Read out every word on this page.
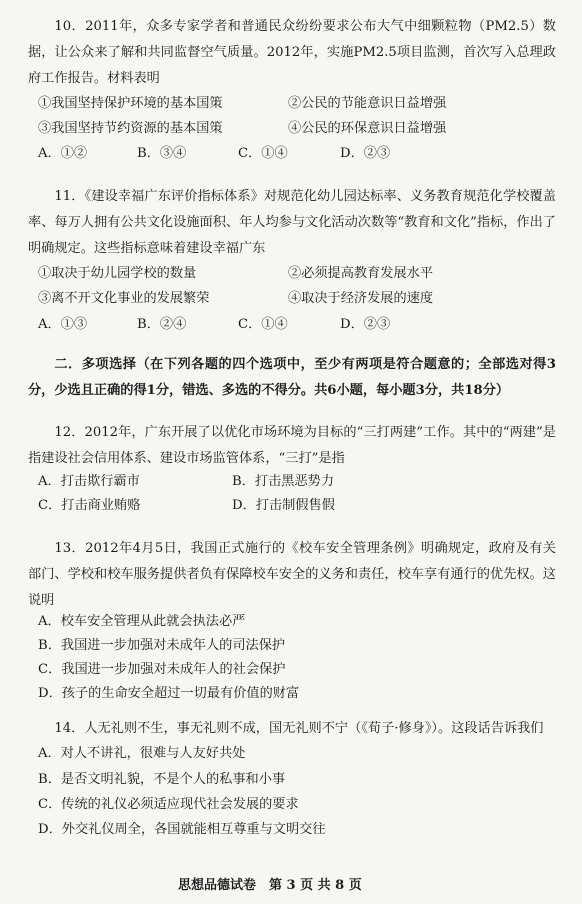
10．2011年，众多专家学者和普通民众纷纷要求公布大气中细颗粒物（PM2.5）数据，让公众来了解和共同监督空气质量。2012年，实施PM2.5项目监测，首次写入总理政府工作报告。材料表明
①我国坚持保护环境的基本国策	②公民的节能意识日益增强
③我国坚持节约资源的基本国策	④公民的环保意识日益增强
A．①②	B．③④	C．①④	D．②③
11．《建设幸福广东评价指标体系》对规范化幼儿园达标率、义务教育规范化学校覆盖率、每万人拥有公共文化设施面积、年人均参与文化活动次数等“教育和文化”指标，作出了明确规定。这些指标意味着建设幸福广东
①取决于幼儿园学校的数量	②必须提高教育发展水平
③离不开文化事业的发展繁荣	④取决于经济发展的速度
A．①③	B．②④	C．①④	D．②③
二．多项选择（在下列各题的四个选项中，至少有两项是符合题意的；全部选对得3分，少选且正确的得1分，错选、多选的不得分。共6小题，每小题3分，共18分）
12．2012年，广东开展了以优化市场环境为目标的“三打两建”工作。其中的“两建”是指建设社会信用体系、建设市场监管体系，“三打”是指
A．打击欺行霸市	B．打击黑恶势力
C．打击商业贿赂	D．打击制假售假
13．2012年4月5日，我国正式施行的《校车安全管理条例》明确规定，政府及有关部门、学校和校车服务提供者负有保障校车安全的义务和责任，校车享有通行的优先权。这说明
A．校车安全管理从此就会执法必严
B．我国进一步加强对未成年人的司法保护
C．我国进一步加强对未成年人的社会保护
D．孩子的生命安全超过一切最有价值的财富
14．人无礼则不生，事无礼则不成，国无礼则不宁（《荀子·修身》）。这段话告诉我们
A．对人不讲礼，很难与人友好共处
B．是否文明礼貌，不是个人的私事和小事
C．传统的礼仪必须适应现代社会发展的要求
D．外交礼仪周全，各国就能相互尊重与文明交往
思想品德试卷　第 3 页 共 8 页
